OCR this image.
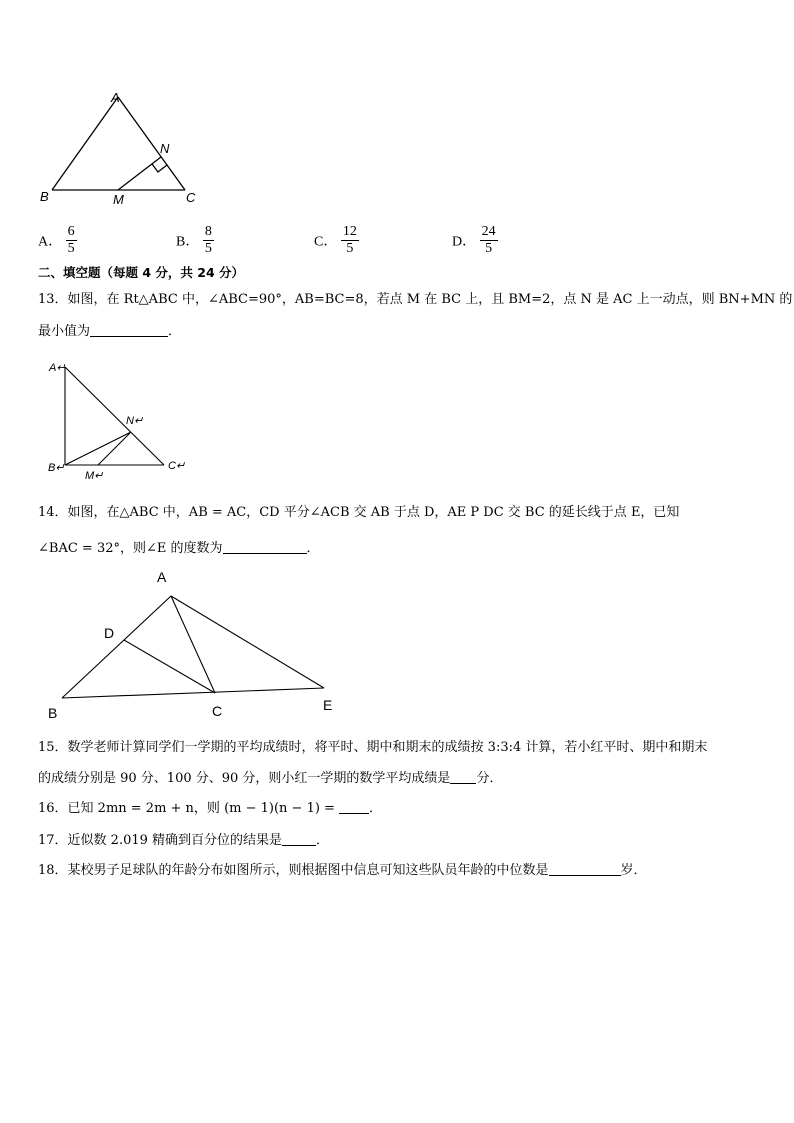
A
B	C
M
N
A． $\frac{6}{5}$	B． $\frac{8}{5}$	C． $\frac{12}{5}$	D． $\frac{24}{5}$
二、填空题（每题 4 分，共 24 分）
13．如图，在 Rt△ABC 中，∠ABC=90°，AB=BC=8，若点 M 在 BC 上，且 BM=2，点 N 是 AC 上一动点，则 BN+MN 的
最小值为	．
A↵
B↵	C↵
M↵
N↵
14．如图，在△ABC 中，AB = AC，CD 平分∠ACB 交 AB 于点 D，AE P DC 交 BC 的延长线于点 E，已知
∠BAC = 32°，则∠E 的度数为	．
A
B	C
D
E
15．数学老师计算同学们一学期的平均成绩时，将平时、期中和期末的成绩按 3:3:4 计算，若小红平时、期中和期末
的成绩分别是 90 分、100 分、90 分，则小红一学期的数学平均成绩是 分．
16．已知 2mn = 2m + n，则 (m − 1)(n − 1) =	．
17．近似数 2.019 精确到百分位的结果是	．
18．某校男子足球队的年龄分布如图所示，则根据图中信息可知这些队员年龄的中位数是	岁．
